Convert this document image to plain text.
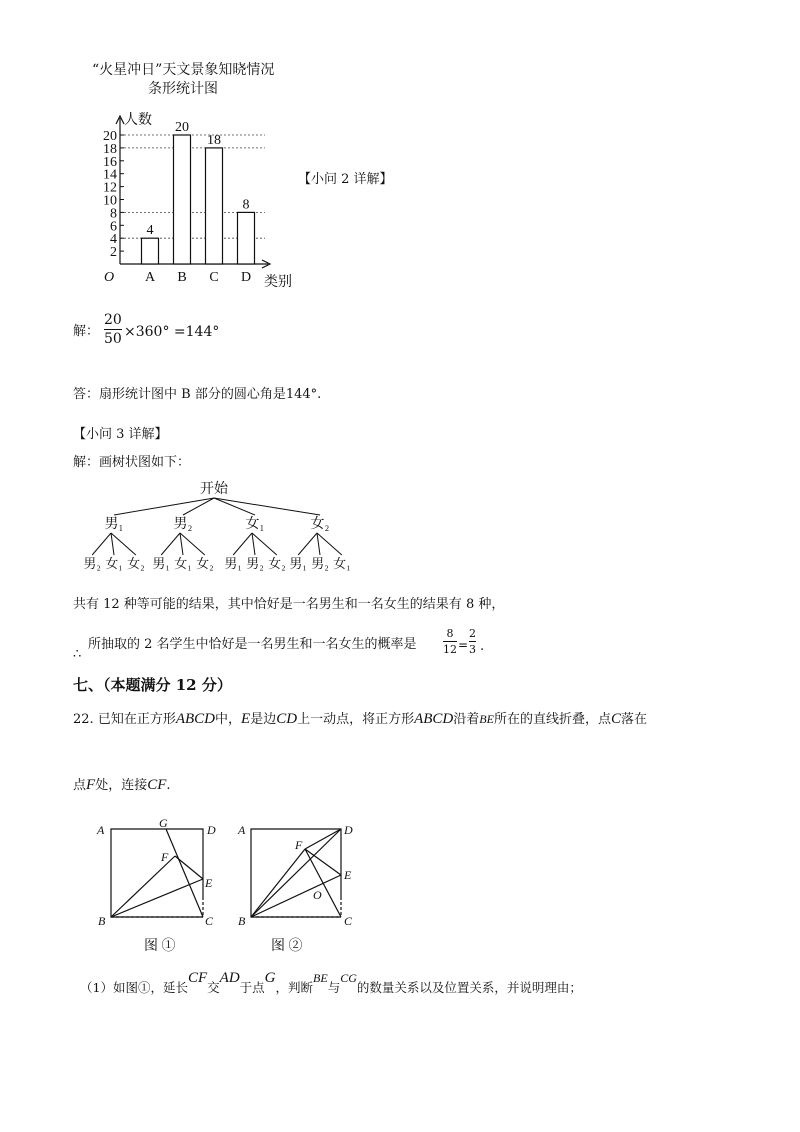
“火星冲日”天文景象知晓情况
条形统计图
2
4
6
8
10
12
14
16
18
20
4
A
20
B
18
C
8
D
O
人数
类别
【小问 2 详解】
解：
20
50 ×360° =144°
答：扇形统计图中 B 部分的圆心角是144°.
【小问 3 详解】
解：画树状图如下：
开始
男₁
男₂ 女₁ 女₂
男₂
男₁ 女₁ 女₂
女₁
男₁ 男₂ 女₂
女₂
男₁ 男₂ 女₁
共有 12 种等可能的结果，其中恰好是一名男生和一名女生的结果有 8 种，
∴
所抽取的 2 名学生中恰好是一名男生和一名女生的概率是
8
12 =
2
3 .
七、（本题满分 12 分）
22. 已知在正方形ABCD中，E是边CD上一动点，将正方形ABCD沿着BE所在的直线折叠，点C落在
点F处，连接CF.
A	D
G
F
E
B	C
图 ①
A	D
F
E
O
B	C
图 ②
（1）如图①，延长CF交AD于点G，判断BE与CG的数量关系以及位置关系，并说明理由；
